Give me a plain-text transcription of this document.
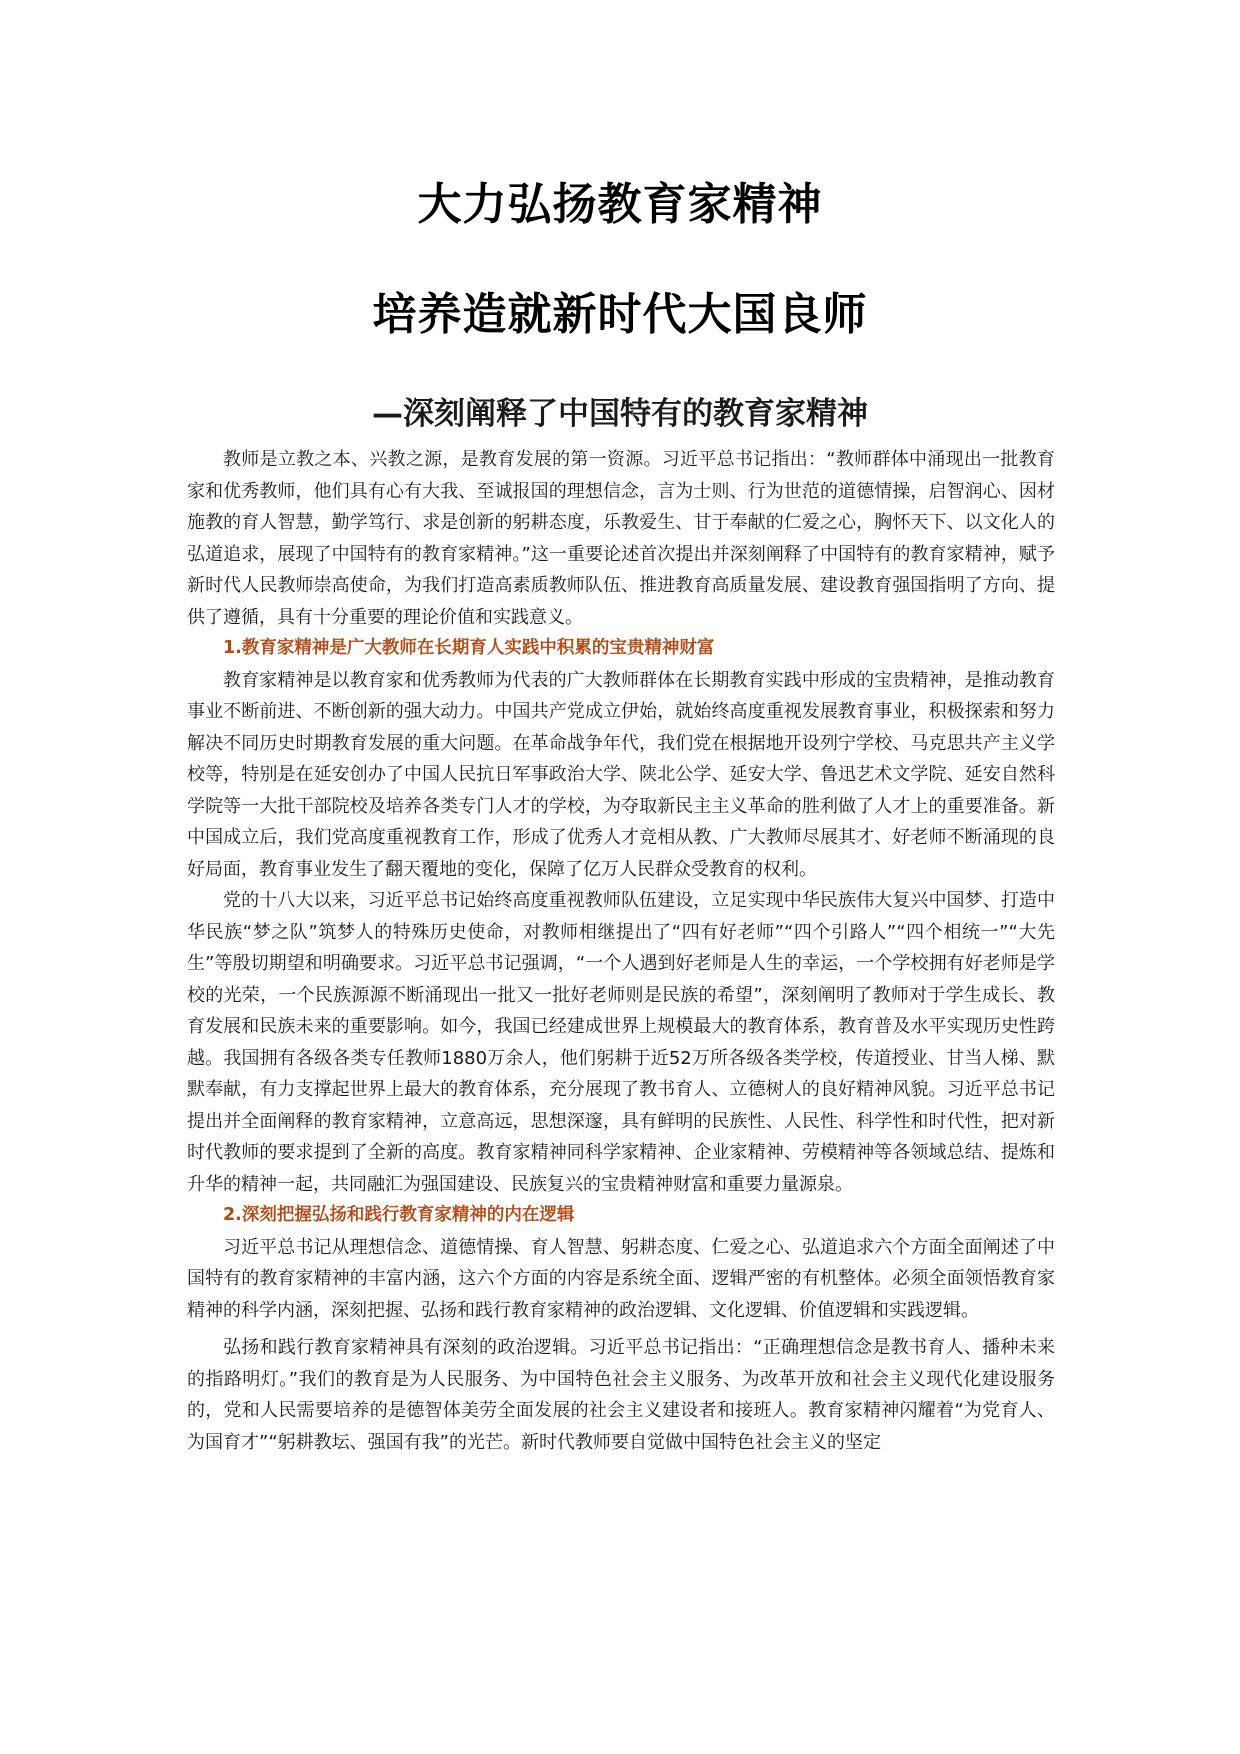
大力弘扬教育家精神
培养造就新时代大国良师
—深刻阐释了中国特有的教育家精神

教师是立教之本、兴教之源，是教育发展的第一资源。习近平总书记指出：“教师群体中涌现出一批教育家和优秀教师，他们具有心有大我、至诚报国的理想信念，言为士则、行为世范的道德情操，启智润心、因材施教的育人智慧，勤学笃行、求是创新的躬耕态度，乐教爱生、甘于奉献的仁爱之心，胸怀天下、以文化人的弘道追求，展现了中国特有的教育家精神。”这一重要论述首次提出并深刻阐释了中国特有的教育家精神，赋予新时代人民教师崇高使命，为我们打造高素质教师队伍、推进教育高质量发展、建设教育强国指明了方向、提供了遵循，具有十分重要的理论价值和实践意义。

1.教育家精神是广大教师在长期育人实践中积累的宝贵精神财富

教育家精神是以教育家和优秀教师为代表的广大教师群体在长期教育实践中形成的宝贵精神，是推动教育事业不断前进、不断创新的强大动力。中国共产党成立伊始，就始终高度重视发展教育事业，积极探索和努力解决不同历史时期教育发展的重大问题。在革命战争年代，我们党在根据地开设列宁学校、马克思共产主义学校等，特别是在延安创办了中国人民抗日军事政治大学、陕北公学、延安大学、鲁迅艺术文学院、延安自然科学院等一大批干部院校及培养各类专门人才的学校，为夺取新民主主义革命的胜利做了人才上的重要准备。新中国成立后，我们党高度重视教育工作，形成了优秀人才竞相从教、广大教师尽展其才、好老师不断涌现的良好局面，教育事业发生了翻天覆地的变化，保障了亿万人民群众受教育的权利。

党的十八大以来，习近平总书记始终高度重视教师队伍建设，立足实现中华民族伟大复兴中国梦、打造中华民族“梦之队”筑梦人的特殊历史使命，对教师相继提出了“四有好老师”“四个引路人”“四个相统一”“大先生”等殷切期望和明确要求。习近平总书记强调，“一个人遇到好老师是人生的幸运，一个学校拥有好老师是学校的光荣，一个民族源源不断涌现出一批又一批好老师则是民族的希望”，深刻阐明了教师对于学生成长、教育发展和民族未来的重要影响。如今，我国已经建成世界上规模最大的教育体系，教育普及水平实现历史性跨越。我国拥有各级各类专任教师1880万余人，他们躬耕于近52万所各级各类学校，传道授业、甘当人梯、默默奉献，有力支撑起世界上最大的教育体系，充分展现了教书育人、立德树人的良好精神风貌。习近平总书记提出并全面阐释的教育家精神，立意高远，思想深邃，具有鲜明的民族性、人民性、科学性和时代性，把对新时代教师的要求提到了全新的高度。教育家精神同科学家精神、企业家精神、劳模精神等各领域总结、提炼和升华的精神一起，共同融汇为强国建设、民族复兴的宝贵精神财富和重要力量源泉。

2.深刻把握弘扬和践行教育家精神的内在逻辑

习近平总书记从理想信念、道德情操、育人智慧、躬耕态度、仁爱之心、弘道追求六个方面全面阐述了中国特有的教育家精神的丰富内涵，这六个方面的内容是系统全面、逻辑严密的有机整体。必须全面领悟教育家精神的科学内涵，深刻把握、弘扬和践行教育家精神的政治逻辑、文化逻辑、价值逻辑和实践逻辑。

弘扬和践行教育家精神具有深刻的政治逻辑。习近平总书记指出：“正确理想信念是教书育人、播种未来的指路明灯。”我们的教育是为人民服务、为中国特色社会主义服务、为改革开放和社会主义现代化建设服务的，党和人民需要培养的是德智体美劳全面发展的社会主义建设者和接班人。教育家精神闪耀着“为党育人、为国育才”“躬耕教坛、强国有我”的光芒。新时代教师要自觉做中国特色社会主义的坚定
